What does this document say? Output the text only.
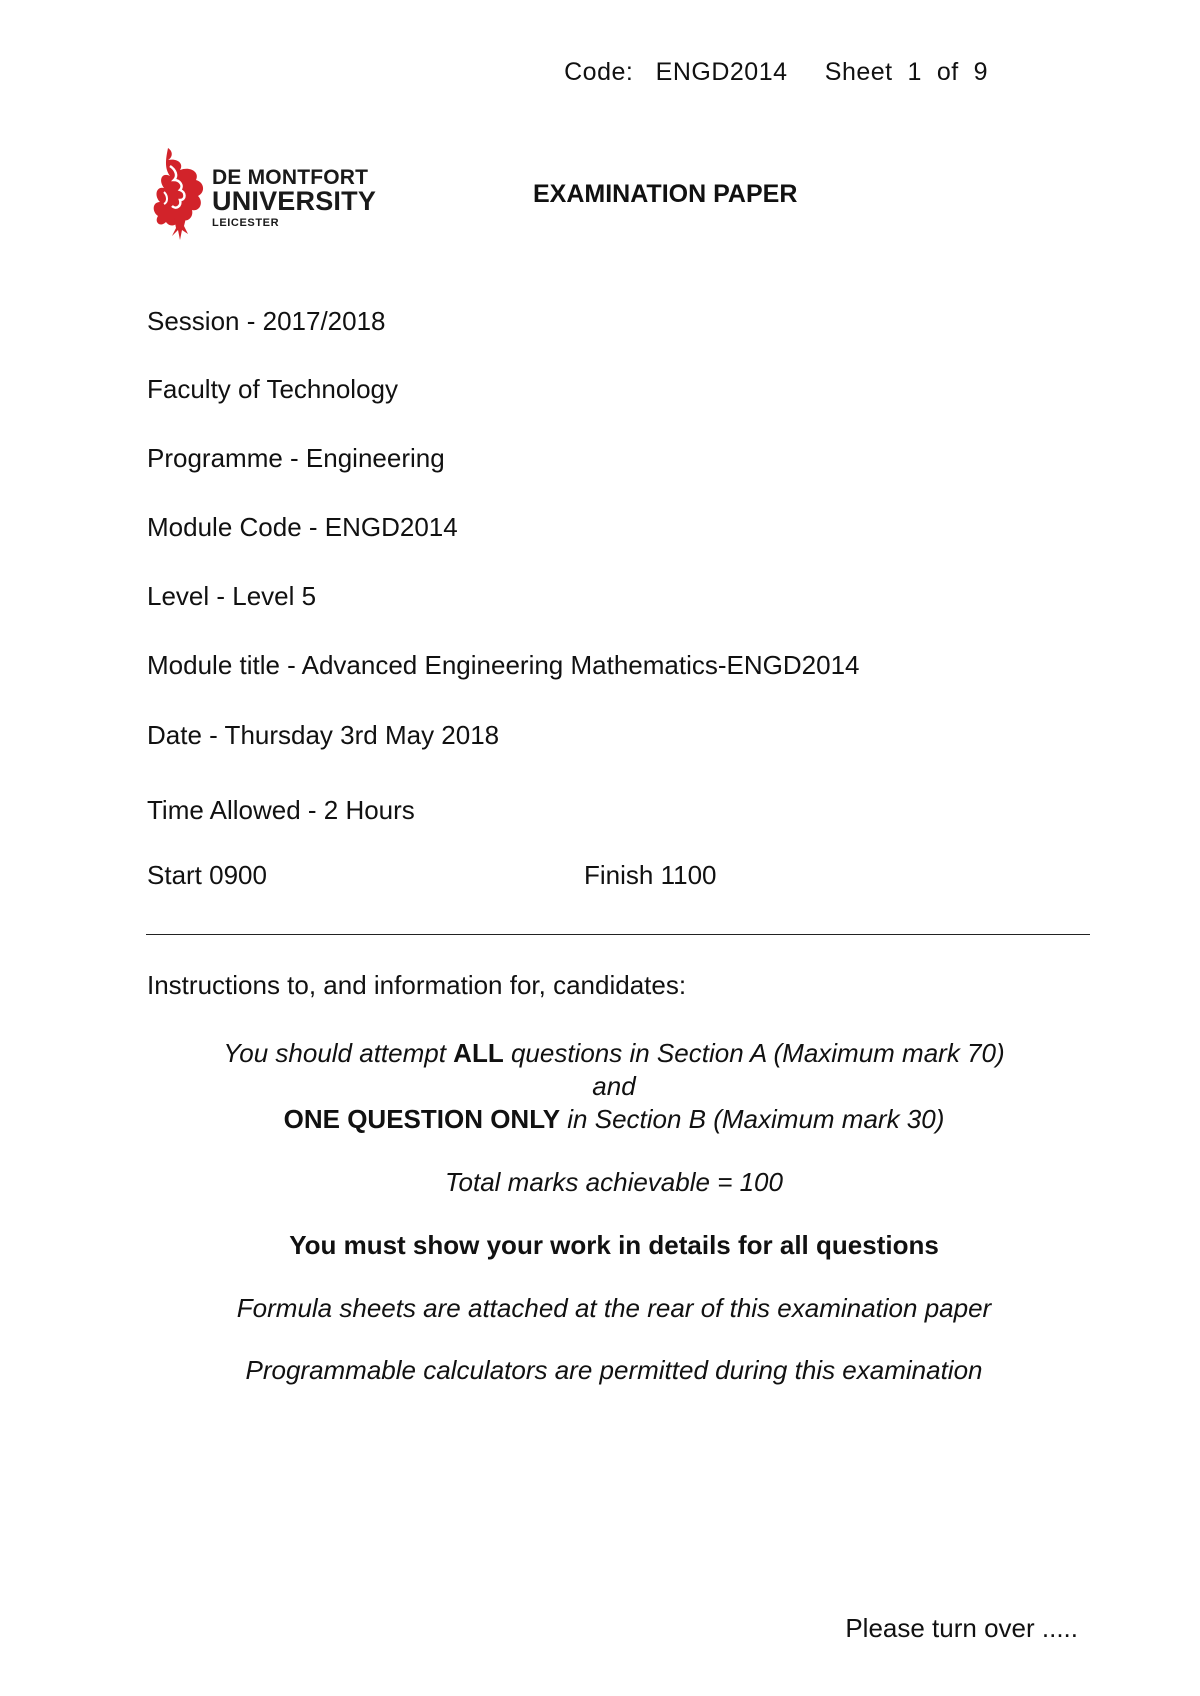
Code: ENGD2014 Sheet 1 of 9
DE MONTFORT
UNIVERSITY
LEICESTER
EXAMINATION PAPER
Session - 2017/2018
Faculty of Technology
Programme - Engineering
Module Code - ENGD2014
Level - Level 5
Module title - Advanced Engineering Mathematics-ENGD2014
Date - Thursday 3rd May 2018
Time Allowed - 2 Hours
Start 0900	Finish 1100
Instructions to, and information for, candidates:
You should attempt ALL questions in Section A (Maximum mark 70)
and
ONE QUESTION ONLY in Section B (Maximum mark 30)
Total marks achievable = 100
You must show your work in details for all questions
Formula sheets are attached at the rear of this examination paper
Programmable calculators are permitted during this examination
Please turn over .....
